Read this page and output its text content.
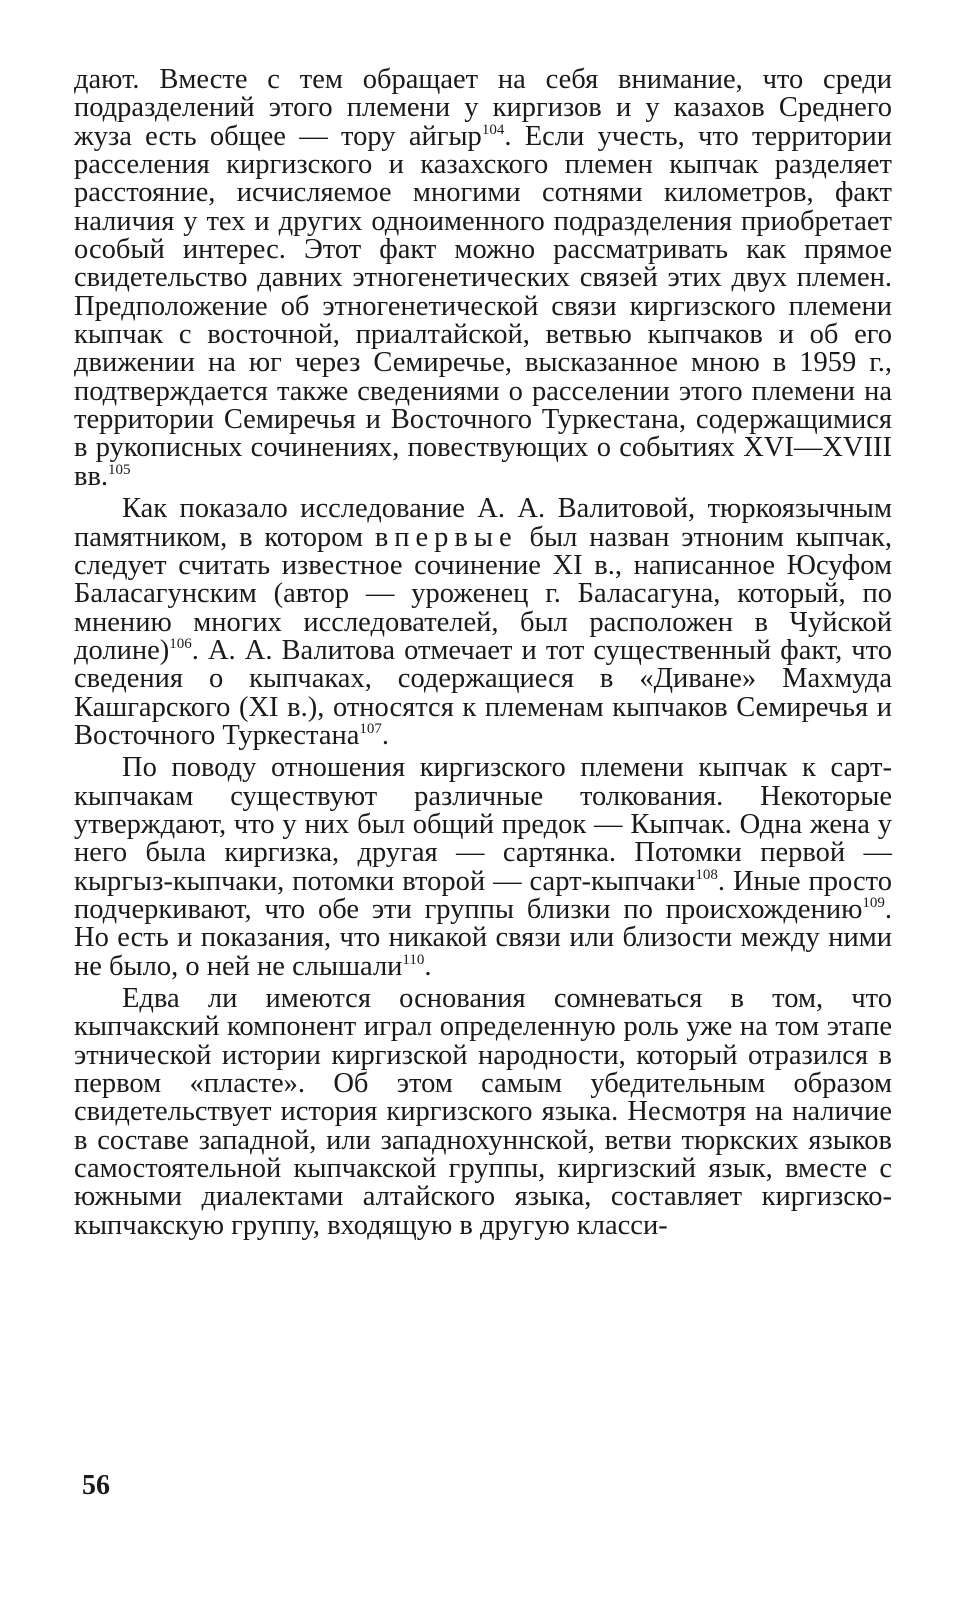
дают. Вместе с тем обращает на себя внимание, что среди подразделений этого племени у киргизов и у казахов Среднего жуза есть общее — тору айгыр$^{104}$. Если учесть, что территории расселения киргизского и казахского племен кыпчак разделяет расстояние, исчисляемое многими сотнями километров, факт наличия у тех и других одноименного подразделения приобретает особый интерес. Этот факт можно рассматривать как прямое свидетельство давних этногенетических связей этих двух племен. Предположение об этногенетической связи киргизского племени кыпчак с восточной, приалтайской, ветвью кыпчаков и об его движении на юг через Семиречье, высказанное мною в 1959 г., подтверждается также сведениями о расселении этого племени на территории Семиречья и Восточного Туркестана, содержащимися в рукописных сочинениях, повествующих о событиях XVI—XVIII вв.$^{105}$

Как показало исследование А. А. Валитовой, тюркоязычным памятником, в котором впервые был назван этноним кыпчак, следует считать известное сочинение XI в., написанное Юсуфом Баласагунским (автор — уроженец г. Баласагуна, который, по мнению многих исследователей, был расположен в Чуйской долине)$^{106}$. А. А. Валитова отмечает и тот существенный факт, что сведения о кыпчаках, содержащиеся в «Диване» Махмуда Кашгарского (XI в.), относятся к племенам кыпчаков Семиречья и Восточного Туркестана$^{107}$.

По поводу отношения киргизского племени кыпчак к сарт-кыпчакам существуют различные толкования. Некоторые утверждают, что у них был общий предок — Кыпчак. Одна жена у него была киргизка, другая — сартянка. Потомки первой — кыргыз-кыпчаки, потомки второй — сарт-кыпчаки$^{108}$. Иные просто подчеркивают, что обе эти группы близки по происхождению$^{109}$. Но есть и показания, что никакой связи или близости между ними не было, о ней не слышали$^{110}$.

Едва ли имеются основания сомневаться в том, что кыпчакский компонент играл определенную роль уже на том этапе этнической истории киргизской народности, который отразился в первом «пласте». Об этом самым убедительным образом свидетельствует история киргизского языка. Несмотря на наличие в составе западной, или западнохуннской, ветви тюркских языков самостоятельной кыпчакской группы, киргизский язык, вместе с южными диалектами алтайского языка, составляет киргизско-кыпчакскую группу, входящую в другую класси-

56
